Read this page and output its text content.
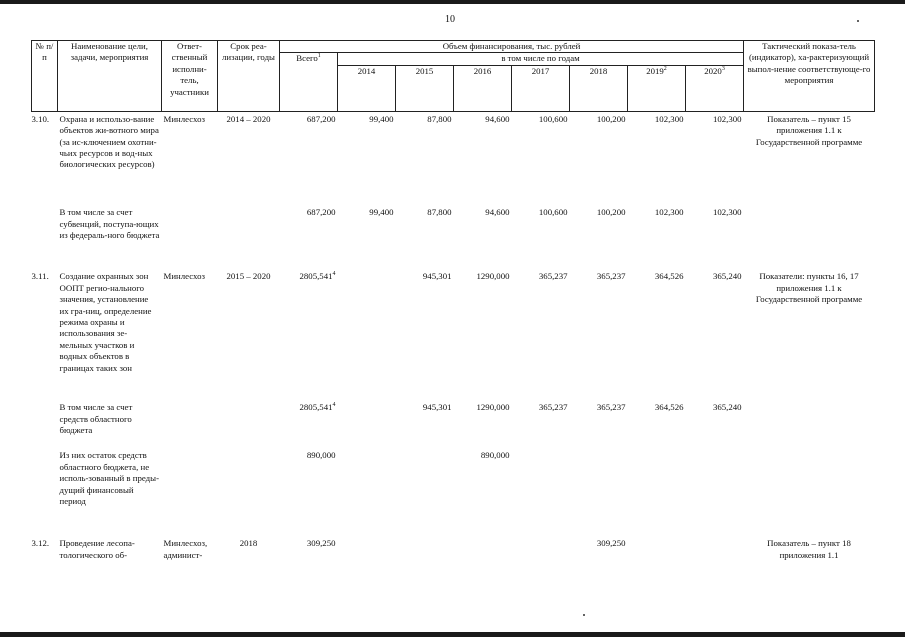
10
№ п/п	Наименование цели, задачи, мероприятия	Ответ-ственный исполни-тель, участники	Срок реа-лизации, годы	Объем финансирования, тыс. рублей								Тактический показа-тель (индикатор), ха-рактеризующий выпол-нение соответствующе-го мероприятия
				Всего$^1$	в том числе по годам							
					2014	2015	2016	2017	2018	2019$^2$	2020$^3$
3.10.	Охрана и использо-вание объектов жи-вотного мира (за ис-ключением охотни-чьих ресурсов и вод-ных биологических ресурсов)	Минлесхоз	2014 – 2020	687,200	99,400	87,800	94,600	100,600	100,200	102,300	102,300	Показатель – пункт 15 приложения 1.1 к Государственной программе
	В том числе за счет субвенций, поступа-ющих из федераль-ного бюджета			687,200	99,400	87,800	94,600	100,600	100,200	102,300	102,300	
3.11.	Создание охранных зон ООПТ регио-нального значения, установление их гра-ниц, определение режима охраны и использования зе-мельных участков и водных объектов в границах таких зон	Минлесхоз	2015 – 2020	2805,541$^4$		945,301	1290,000	365,237	365,237	364,526	365,240	Показатели: пункты 16, 17 приложения 1.1 к Государственной программе
	В том числе за счет средств областного бюджета			2805,541$^4$		945,301	1290,000	365,237	365,237	364,526	365,240	
	Из них остаток средств областного бюджета, не исполь-зованный в преды-дущий финансовый период			890,000			890,000					
3.12.	Проведение лесопа-тологического об-	Минлесхоз, админист-	2018	309,250					309,250			Показатель – пункт 18 приложения 1.1
